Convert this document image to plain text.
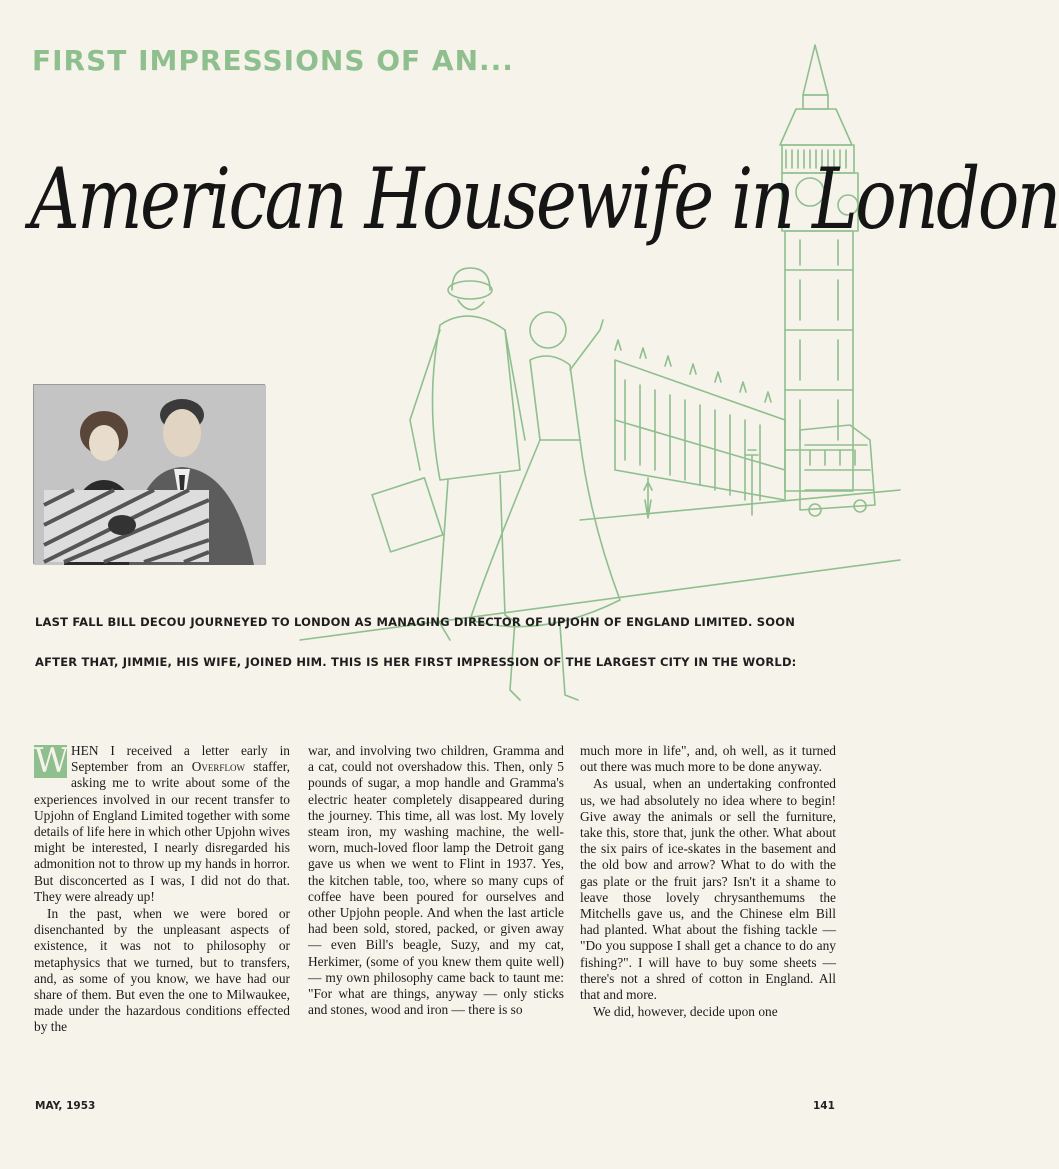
FIRST IMPRESSIONS OF AN...
American Housewife in London
LAST FALL BILL DECOU JOURNEYED TO LONDON AS MANAGING DIRECTOR OF UPJOHN OF ENGLAND LIMITED. SOON
AFTER THAT, JIMMIE, HIS WIFE, JOINED HIM. THIS IS HER FIRST IMPRESSION OF THE LARGEST CITY IN THE WORLD:

W HEN I received a letter early in September from an Overflow staffer, asking me to write about some of the experiences involved in our recent transfer to Upjohn of England Limited together with some details of life here in which other Upjohn wives might be interested, I nearly disregarded his admonition not to throw up my hands in horror. But disconcerted as I was, I did not do that. They were already up!

In the past, when we were bored or disenchanted by the unpleasant aspects of existence, it was not to philosophy or metaphysics that we turned, but to transfers, and, as some of you know, we have had our share of them. But even the one to Milwaukee, made under the hazardous conditions effected by the

war, and involving two children, Gramma and a cat, could not overshadow this. Then, only 5 pounds of sugar, a mop handle and Gramma's electric heater completely disappeared during the journey. This time, all was lost. My lovely steam iron, my washing machine, the well-worn, much-loved floor lamp the Detroit gang gave us when we went to Flint in 1937. Yes, the kitchen table, too, where so many cups of coffee have been poured for ourselves and other Upjohn people. And when the last article had been sold, stored, packed, or given away — even Bill's beagle, Suzy, and my cat, Herkimer, (some of you knew them quite well) — my own philosophy came back to taunt me: "For what are things, anyway — only sticks and stones, wood and iron — there is so

much more in life", and, oh well, as it turned out there was much more to be done anyway.

As usual, when an undertaking confronted us, we had absolutely no idea where to begin! Give away the animals or sell the furniture, take this, store that, junk the other. What about the six pairs of ice-skates in the basement and the old bow and arrow? What to do with the gas plate or the fruit jars? Isn't it a shame to leave those lovely chrysanthemums the Mitchells gave us, and the Chinese elm Bill had planted. What about the fishing tackle — "Do you suppose I shall get a chance to do any fishing?". I will have to buy some sheets — there's not a shred of cotton in England. All that and more.

We did, however, decide upon one

MAY, 1953	141
